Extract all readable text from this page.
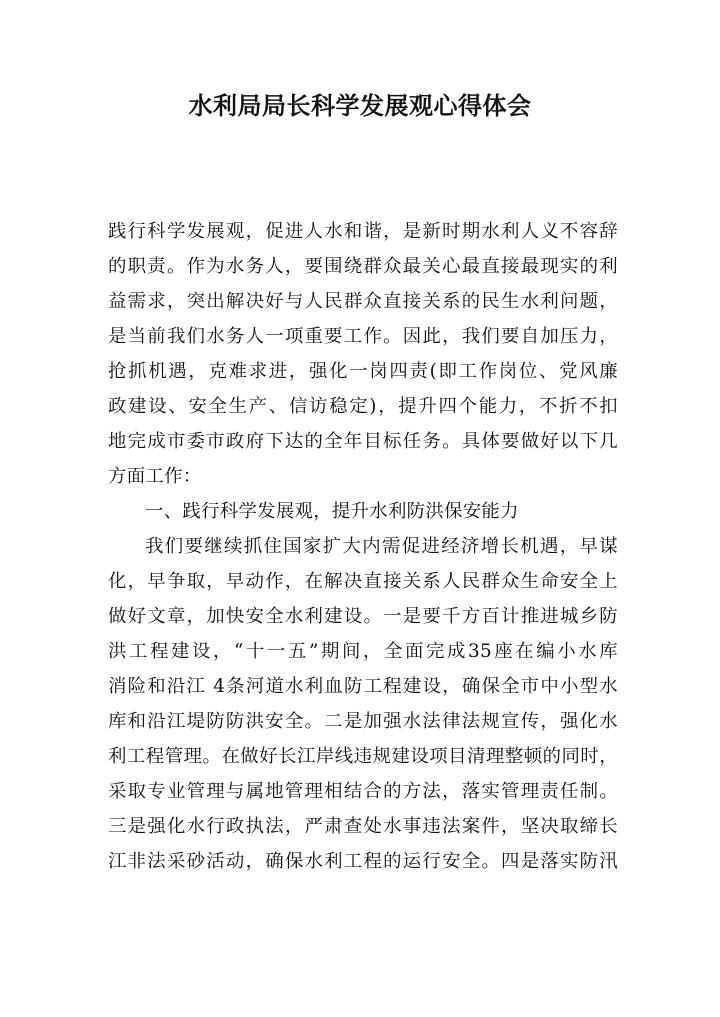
水利局局长科学发展观心得体会
践行科学发展观，促进人水和谐，是新时期水利人义不容辞
的职责。作为水务人，要围绕群众最关心最直接最现实的利
益需求，突出解决好与人民群众直接关系的民生水利问题，
是当前我们水务人一项重要工作。因此，我们要自加压力，
抢抓机遇，克难求进，强化一岗四责(即工作岗位、党风廉
政建设、安全生产、信访稳定)，提升四个能力，不折不扣
地完成市委市政府下达的全年目标任务。具体要做好以下几
方面工作：
一、践行科学发展观，提升水利防洪保安能力
我们要继续抓住国家扩大内需促进经济增长机遇，早谋
化，早争取，早动作，在解决直接关系人民群众生命安全上
做好文章，加快安全水利建设。一是要千方百计推进城乡防
洪工程建设，“十一五”期间，全面完成35座在编小水库
消险和沿江 4条河道水利血防工程建设，确保全市中小型水
库和沿江堤防防洪安全。二是加强水法律法规宣传，强化水
利工程管理。在做好长江岸线违规建设项目清理整顿的同时，
采取专业管理与属地管理相结合的方法，落实管理责任制。
三是强化水行政执法，严肃查处水事违法案件，坚决取缔长
江非法采砂活动，确保水利工程的运行安全。四是落实防汛
